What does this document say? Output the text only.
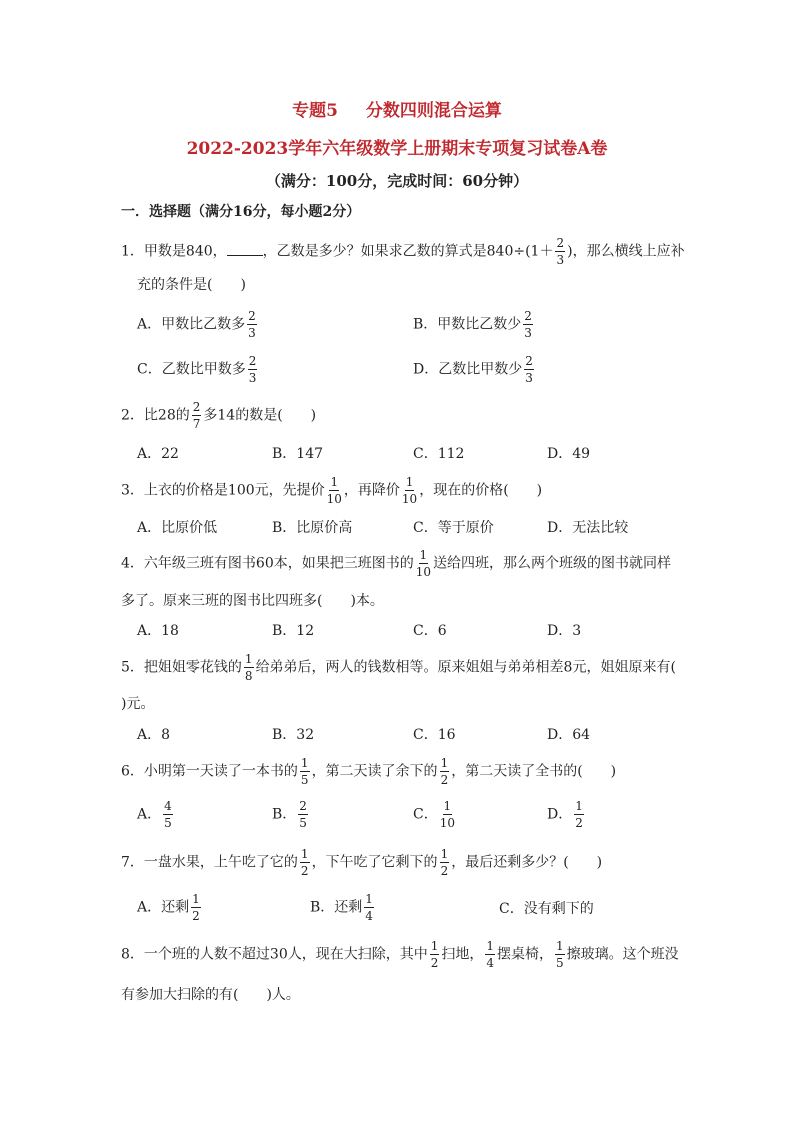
专题5 分数四则混合运算
2022-2023学年六年级数学上册期末专项复习试卷A卷
（满分：100分，完成时间：60分钟）
一．选择题（满分16分，每小题2分）
1．甲数是840，	，乙数是多少？如果求乙数的算式是$840\div(1+ \frac{2}{3}$ )，那么横线上应补
充的条件是(　　)
A．甲数比乙数多 $\frac{2}{3}$	B．甲数比乙数少 $\frac{2}{3}$
C．乙数比甲数多 $\frac{2}{3}$	D．乙数比甲数少 $\frac{2}{3}$
2．比28的 $\frac{2}{7}$ 多14的数是(　　)
A．22	B．147	C．112	D．49
3．上衣的价格是100元，先提价 $\frac{1}{10}$ ，再降价 $\frac{1}{10}$ ，现在的价格(　　)
A．比原价低	B．比原价高	C．等于原价	D．无法比较
4．六年级三班有图书60本，如果把三班图书的 $\frac{1}{10}$ 送给四班，那么两个班级的图书就同样
多了。原来三班的图书比四班多(　　)本。
A．18	B．12	C．6	D．3
5．把姐姐零花钱的 $\frac{1}{8}$ 给弟弟后，两人的钱数相等。原来姐姐与弟弟相差8元，姐姐原来有(
)元。
A．8	B．32	C．16	D．64
6．小明第一天读了一本书的 $\frac{1}{5}$ ，第二天读了余下的 $\frac{1}{2}$ ，第二天读了全书的(　　)
A． $\frac{4}{5}$	B． $\frac{2}{5}$	C． $\frac{1}{10}$	D． $\frac{1}{2}$
7．一盘水果，上午吃了它的 $\frac{1}{2}$ ，下午吃了它剩下的 $\frac{1}{2}$ ，最后还剩多少？(　　)
A．还剩 $\frac{1}{2}$	B．还剩 $\frac{1}{4}$	C．没有剩下的
8．一个班的人数不超过30人，现在大扫除，其中 $\frac{1}{2}$ 扫地， $\frac{1}{4}$ 摆桌椅， $\frac{1}{5}$ 擦玻璃。这个班没
有参加大扫除的有(　　)人。
